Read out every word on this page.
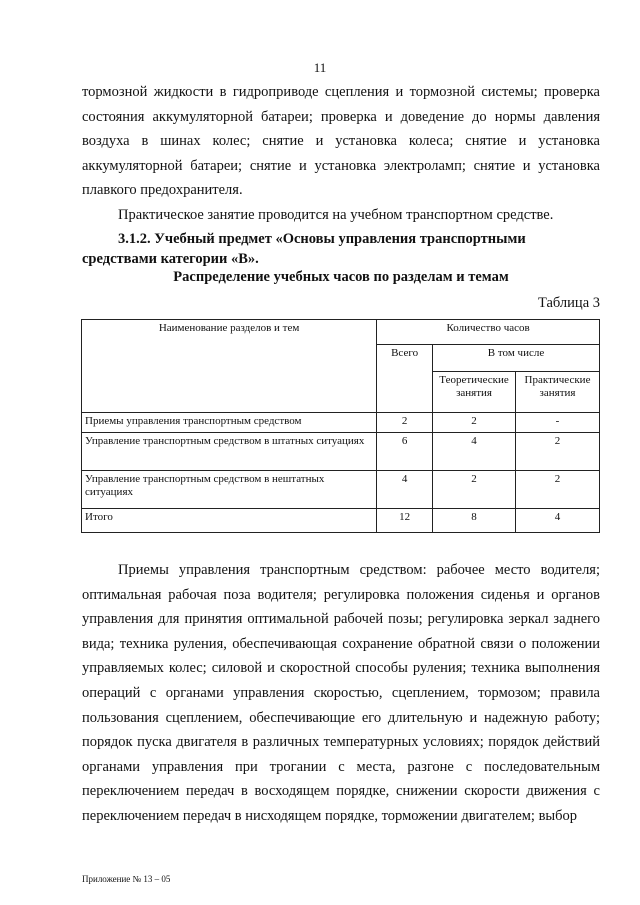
11
тормозной жидкости в гидроприводе сцепления и тормозной системы; проверка состояния аккумуляторной батареи; проверка и доведение до нормы давления воздуха в шинах колес; снятие и установка колеса; снятие и установка аккумуляторной батареи; снятие и установка электроламп; снятие и установка плавкого предохранителя.
Практическое занятие проводится на учебном транспортном средстве.
3.1.2. Учебный предмет «Основы управления транспортными средствами категории «B».
Распределение учебных часов по разделам и темам
Таблица 3
Наименование разделов и тем	Количество часов		
	Всего	В том числе	
		Теоретические занятия	Практические занятия
Приемы управления транспортным средством	2	2	-
Управление транспортным средством в штатных ситуациях	6	4	2
Управление транспортным средством в нештатных ситуациях	4	2	2
Итого	12	8	4
Приемы управления транспортным средством: рабочее место водителя; оптимальная рабочая поза водителя; регулировка положения сиденья и органов управления для принятия оптимальной рабочей позы; регулировка зеркал заднего вида; техника руления, обеспечивающая сохранение обратной связи о положении управляемых колес; силовой и скоростной способы руления; техника выполнения операций с органами управления скоростью, сцеплением, тормозом; правила пользования сцеплением, обеспечивающие его длительную и надежную работу; порядок пуска двигателя в различных температурных условиях; порядок действий органами управления при трогании с места, разгоне с последовательным переключением передач в восходящем порядке, снижении скорости движения с переключением передач в нисходящем порядке, торможении двигателем; выбор
Приложение № 13 – 05
